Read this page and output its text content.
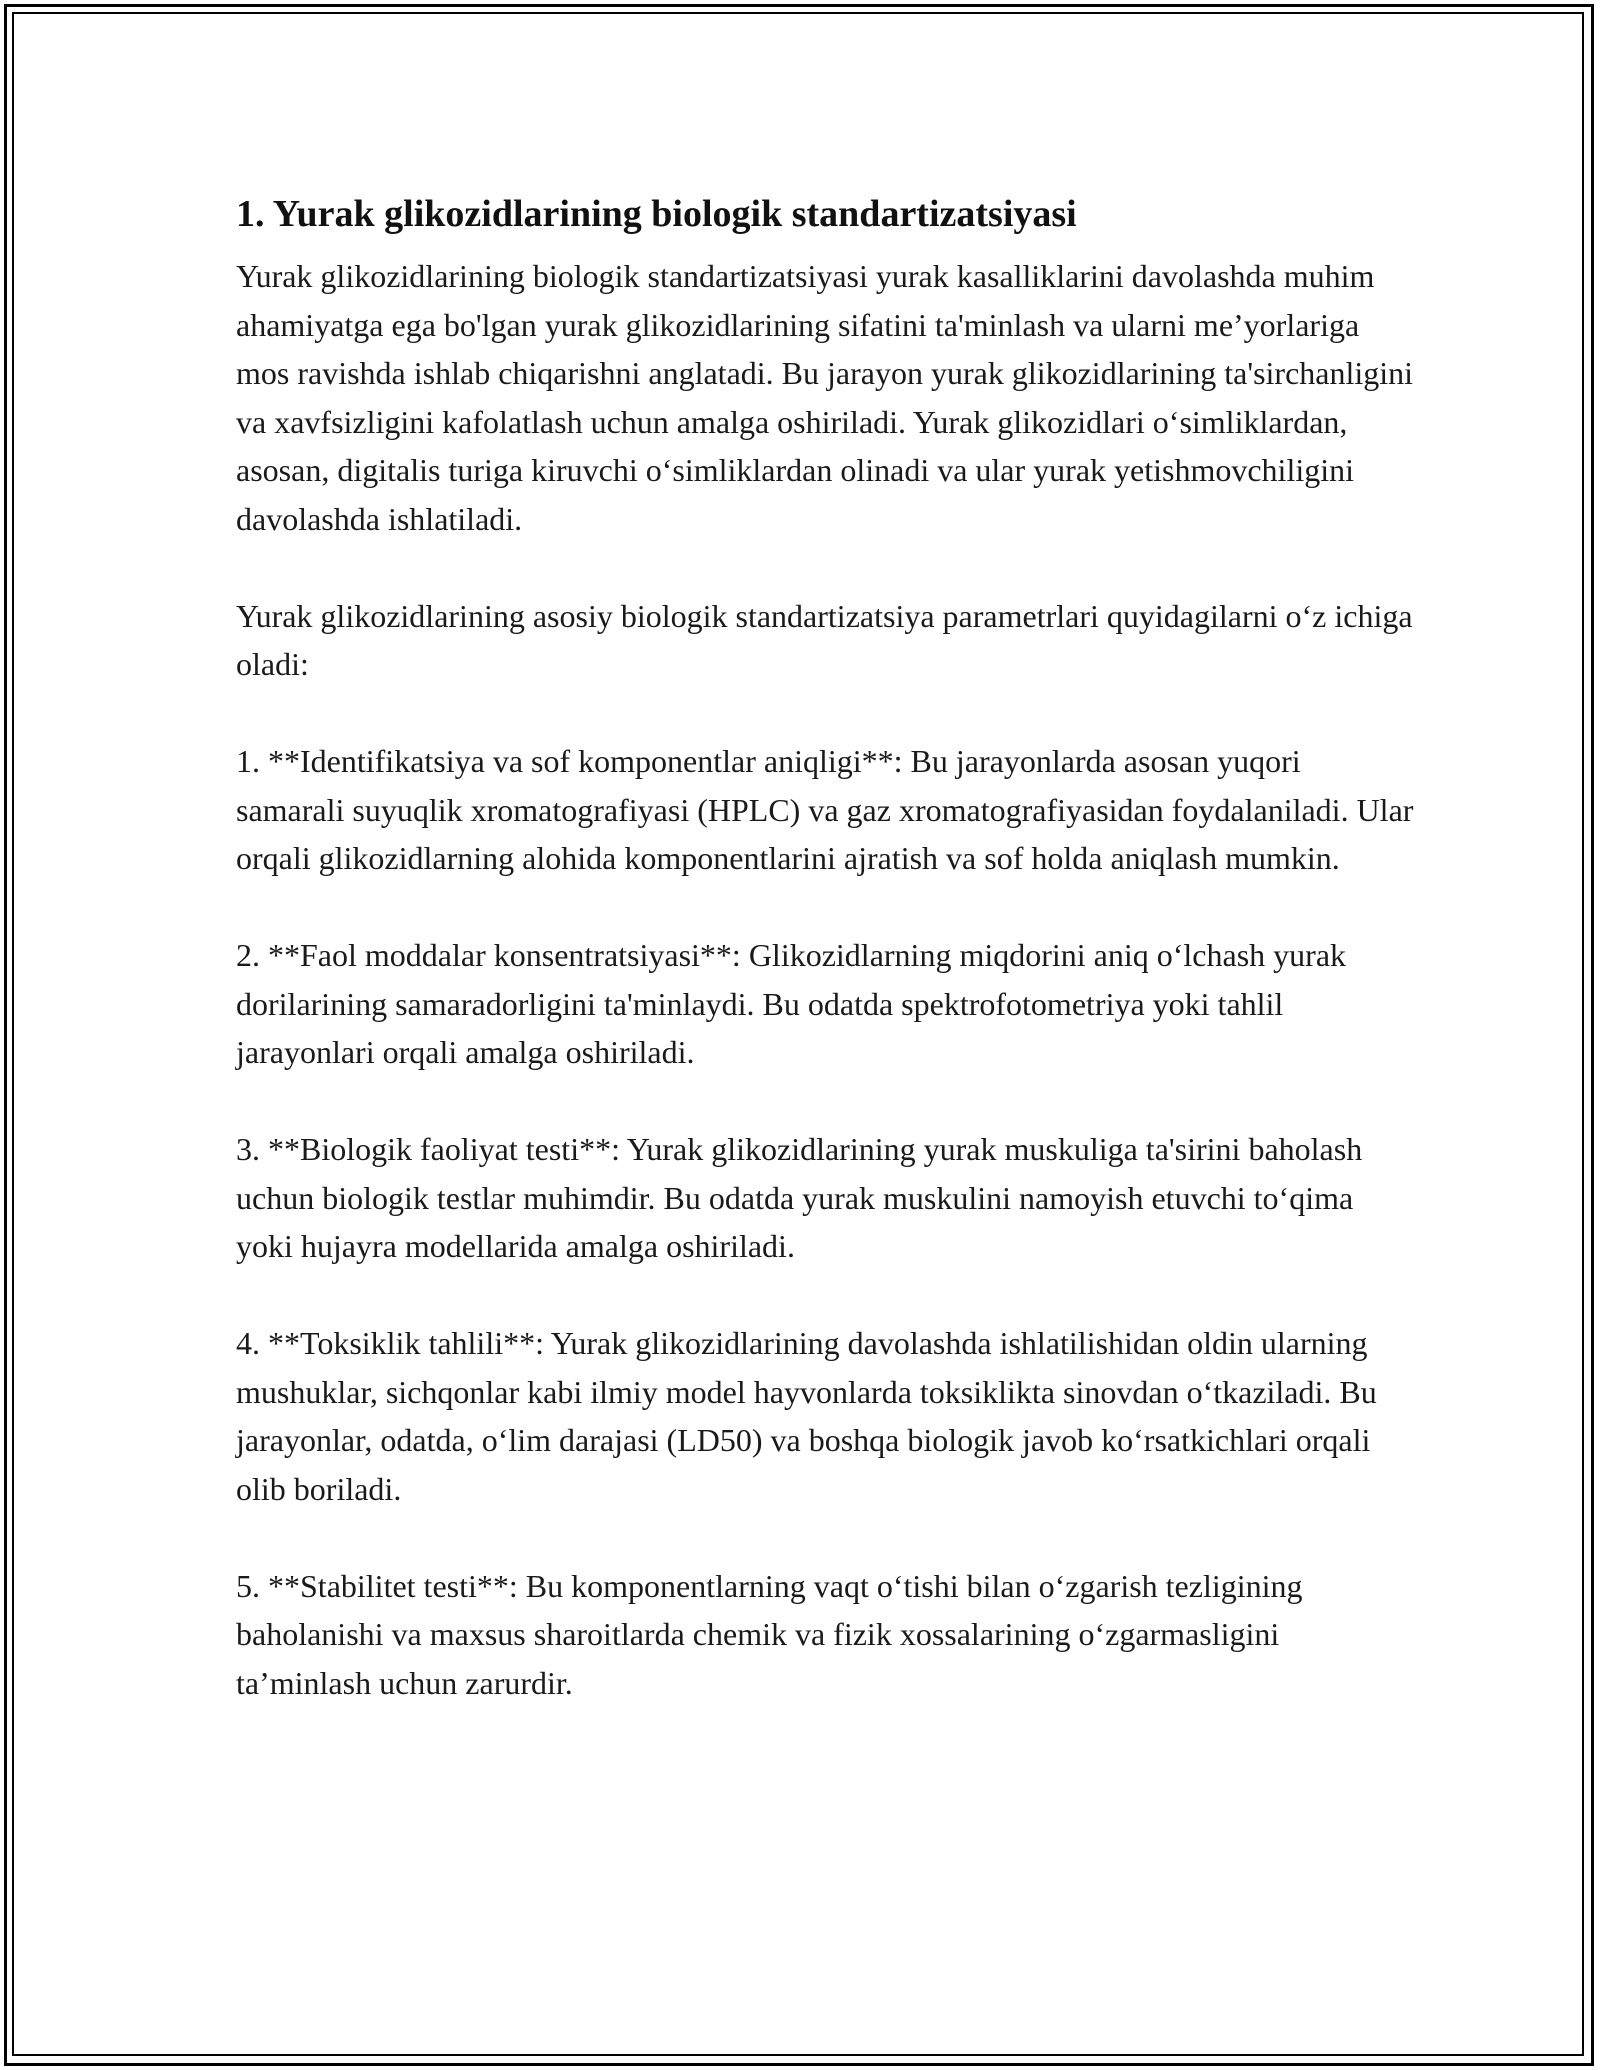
1. Yurak glikozidlarining biologik standartizatsiyasi

Yurak glikozidlarining biologik standartizatsiyasi yurak kasalliklarini davolashda muhim ahamiyatga ega bo'lgan yurak glikozidlarining sifatini ta'minlash va ularni me’yorlariga mos ravishda ishlab chiqarishni anglatadi. Bu jarayon yurak glikozidlarining ta'sirchanligini va xavfsizligini kafolatlash uchun amalga oshiriladi. Yurak glikozidlari o‘simliklardan, asosan, digitalis turiga kiruvchi o‘simliklardan olinadi va ular yurak yetishmovchiligini davolashda ishlatiladi.

Yurak glikozidlarining asosiy biologik standartizatsiya parametrlari quyidagilarni o‘z ichiga oladi:

1. **Identifikatsiya va sof komponentlar aniqligi**: Bu jarayonlarda asosan yuqori samarali suyuqlik xromatografiyasi (HPLC) va gaz xromatografiyasidan foydalaniladi. Ular orqali glikozidlarning alohida komponentlarini ajratish va sof holda aniqlash mumkin.

2. **Faol moddalar konsentratsiyasi**: Glikozidlarning miqdorini aniq o‘lchash yurak dorilarining samaradorligini ta'minlaydi. Bu odatda spektrofotometriya yoki tahlil jarayonlari orqali amalga oshiriladi.

3. **Biologik faoliyat testi**: Yurak glikozidlarining yurak muskuliga ta'sirini baholash uchun biologik testlar muhimdir. Bu odatda yurak muskulini namoyish etuvchi to‘qima yoki hujayra modellarida amalga oshiriladi.

4. **Toksiklik tahlili**: Yurak glikozidlarining davolashda ishlatilishidan oldin ularning mushuklar, sichqonlar kabi ilmiy model hayvonlarda toksiklikta sinovdan o‘tkaziladi. Bu jarayonlar, odatda, o‘lim darajasi (LD50) va boshqa biologik javob ko‘rsatkichlari orqali olib boriladi.

5. **Stabilitet testi**: Bu komponentlarning vaqt o‘tishi bilan o‘zgarish tezligining baholanishi va maxsus sharoitlarda chemik va fizik xossalarining o‘zgarmasligini ta’minlash uchun zarurdir.
